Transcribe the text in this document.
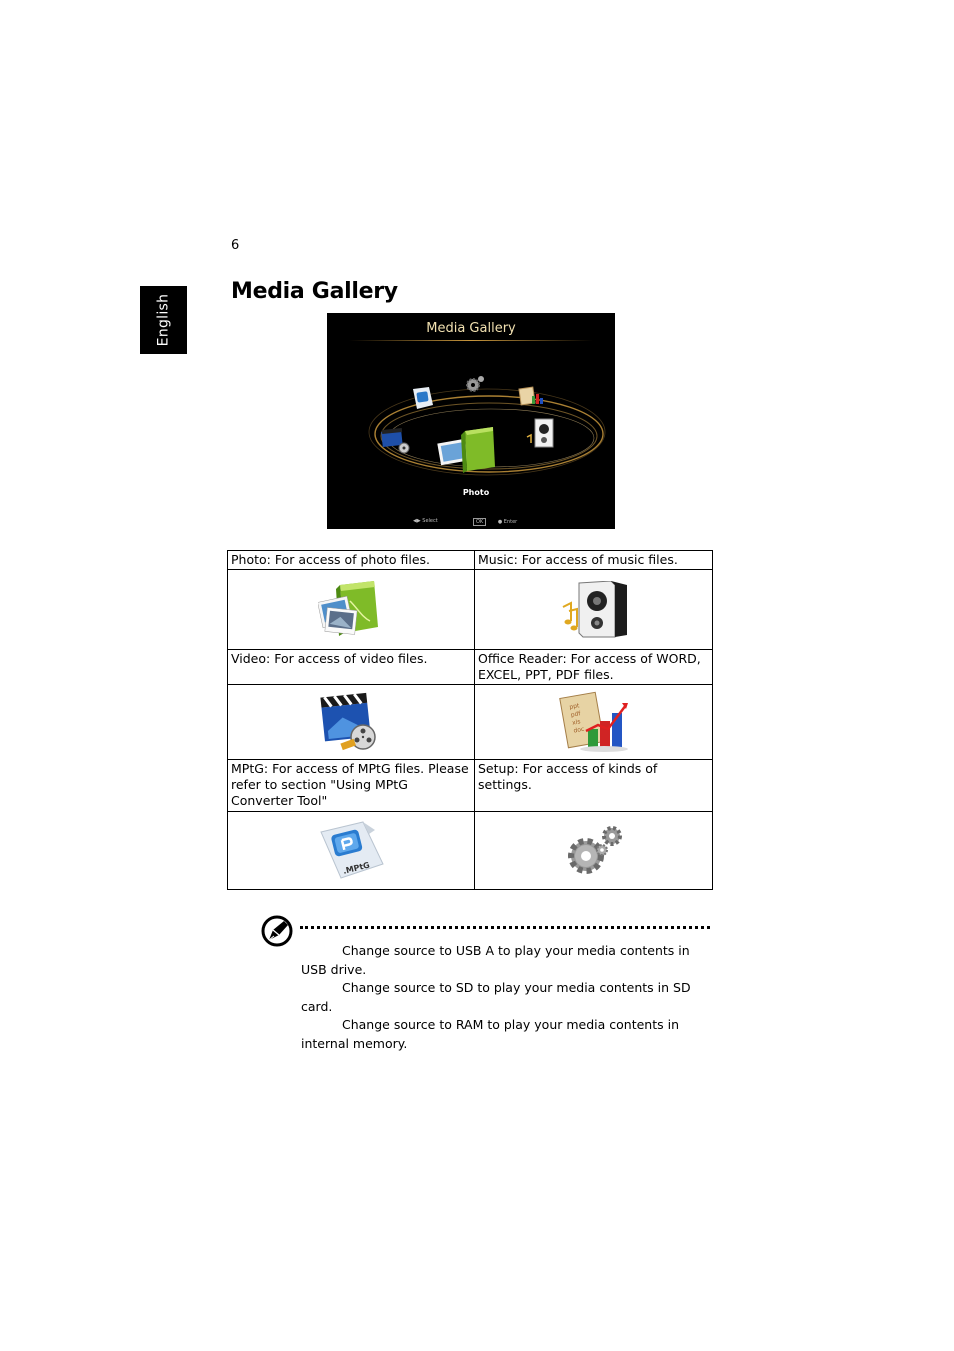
6
English
Media Gallery
Media Gallery
Photo
◀▶ Select	OK	● Enter
Photo: For access of photo files.	Music: For access of music files.

Video: For access of video files.	Office Reader: For access of WORD, EXCEL, PPT, PDF files.

ppt
pdf
xls
doc

MPtG: For access of MPtG files. Please refer to section "Using MPtG Converter Tool"	Setup: For access of kinds of settings.

.MPtG

Change source to USB A to play your media contents in USB drive.

Change source to SD to play your media contents in SD card.

Change source to RAM to play your media contents in internal memory.
